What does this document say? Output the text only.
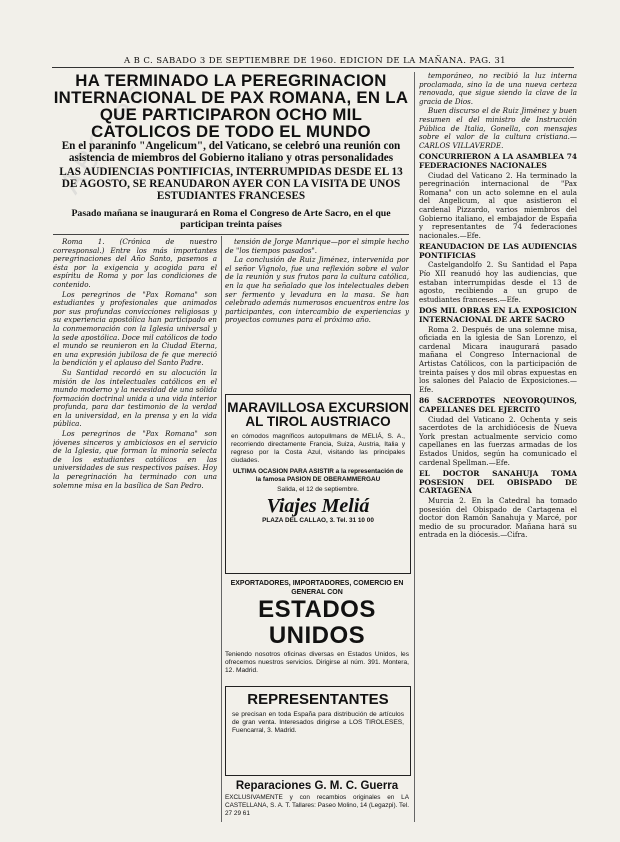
A B C. SABADO 3 DE SEPTIEMBRE DE 1960. EDICION DE LA MAÑANA. PAG. 31
ABC.es
HA TERMINADO LA PEREGRINACION INTERNACIONAL DE PAX ROMANA, EN LA QUE PARTICIPARON OCHO MIL CATOLICOS DE TODO EL MUNDO
En el paraninfo "Angelicum", del Vaticano, se celebró una reunión con asistencia de miembros del Gobierno italiano y otras personalidades
LAS AUDIENCIAS PONTIFICIAS, INTERRUMPIDAS DESDE EL 13 DE AGOSTO, SE REANUDARON AYER CON LA VISITA DE UNOS ESTUDIANTES FRANCESES
Pasado mañana se inaugurará en Roma el Congreso de Arte Sacro, en el que participan treinta países

temporáneo, no recibió la luz interna proclamada, sino la de una nueva certeza renovada, que sigue siendo la clave de la gracia de Dios.

Buen discurso el de Ruiz Jiménez y buen resumen el del ministro de Instrucción Pública de Italia, Gonella, con mensajes sobre el valor de la cultura cristiana.—CARLOS VILLAVERDE.

CONCURRIERON A LA ASAMBLEA 74 FEDERACIONES NACIONALES

Ciudad del Vaticano 2. Ha terminado la peregrinación internacional de "Pax Romana" con un acto solemne en el aula del Angelicum, al que asistieron el cardenal Pizzardo, varios miembros del Gobierno italiano, el embajador de España y representantes de 74 federaciones nacionales.—Efe.

REANUDACION DE LAS AUDIENCIAS PONTIFICIAS

Castelgandolfo 2. Su Santidad el Papa Pío XII reanudó hoy las audiencias, que estaban interrumpidas desde el 13 de agosto, recibiendo a un grupo de estudiantes franceses.—Efe.

DOS MIL OBRAS EN LA EXPOSICION INTERNACIONAL DE ARTE SACRO

Roma 2. Después de una solemne misa, oficiada en la iglesia de San Lorenzo, el cardenal Micara inaugurará pasado mañana el Congreso Internacional de Artistas Católicos, con la participación de treinta países y dos mil obras expuestas en los salones del Palacio de Exposiciones.—Efe.

86 SACERDOTES NEOYORQUINOS, CAPELLANES DEL EJERCITO

Ciudad del Vaticano 2. Ochenta y seis sacerdotes de la archidiócesis de Nueva York prestan actualmente servicio como capellanes en las fuerzas armadas de los Estados Unidos, según ha comunicado el cardenal Spellman.—Efe.

EL DOCTOR SANAHUJA TOMA POSESION DEL OBISPADO DE CARTAGENA

Murcia 2. En la Catedral ha tomado posesión del Obispado de Cartagena el doctor don Ramón Sanahuja y Marcé, por medio de su procurador. Mañana hará su entrada en la diócesis.—Cifra.

Roma 1. (Crónica de nuestro corresponsal.) Entre los más importantes peregrinaciones del Año Santo, pasemos a ésta por la exigencia y acogida para el espíritu de Roma y por las condiciones de contenido.

Los peregrinos de "Pax Romana" son estudiantes y profesionales que animados por sus profundas convicciones religiosas y su experiencia apostólica han participado en la conmemoración con la Iglesia universal y la sede apostólica. Doce mil católicos de todo el mundo se reunieron en la Ciudad Eterna, en una expresión jubilosa de fe que mereció la bendición y el aplauso del Santo Padre.

Su Santidad recordó en su alocución la misión de los intelectuales católicos en el mundo moderno y la necesidad de una sólida formación doctrinal unida a una vida interior profunda, para dar testimonio de la verdad en la universidad, en la prensa y en la vida pública.

Los peregrinos de "Pax Romana" son jóvenes sinceros y ambiciosos en el servicio de la Iglesia, que forman la minoría selecta de los estudiantes católicos en las universidades de sus respectivos países. Hoy la peregrinación ha terminado con una solemne misa en la basílica de San Pedro.

tensión de Jorge Manrique—por el simple hecho de "los tiempos pasados".

La conclusión de Ruiz Jiménez, intervenida por el señor Vignolo, fue una reflexión sobre el valor de la reunión y sus frutos para la cultura católica, en la que ha señalado que los intelectuales deben ser fermento y levadura en la masa. Se han celebrado además numerosos encuentros entre los participantes, con intercambio de experiencias y proyectos comunes para el próximo año.

MARAVILLOSA EXCURSION AL TIROL AUSTRIACO
en cómodos magníficos autopullmans de MELIÁ, S. A., recorriendo directamente Francia, Suiza, Austria, Italia y regreso por la Costa Azul, visitando las principales ciudades.
ULTIMA OCASION PARA ASISTIR a la representación de la famosa PASION DE OBERAMMERGAU
Salida, el 12 de septiembre.
Viajes Meliá
PLAZA DEL CALLAO, 3. Tel. 31 10 00
EXPORTADORES, IMPORTADORES, COMERCIO EN GENERAL CON
ESTADOS UNIDOS
Teniendo nosotros oficinas diversas en Estados Unidos, les ofrecemos nuestros servicios. Dirigirse al núm. 391. Montera, 12. Madrid.
REPRESENTANTES
se precisan en toda España para distribución de artículos de gran venta. Interesados dirigirse a LOS TIROLESES, Fuencarral, 3. Madrid.
Reparaciones G. M. C. Guerra
EXCLUSIVAMENTE y con recambios originales en LA CASTELLANA, S. A. T. Tallares: Paseo Molino, 14 (Legazpi). Tel. 27 29 61
